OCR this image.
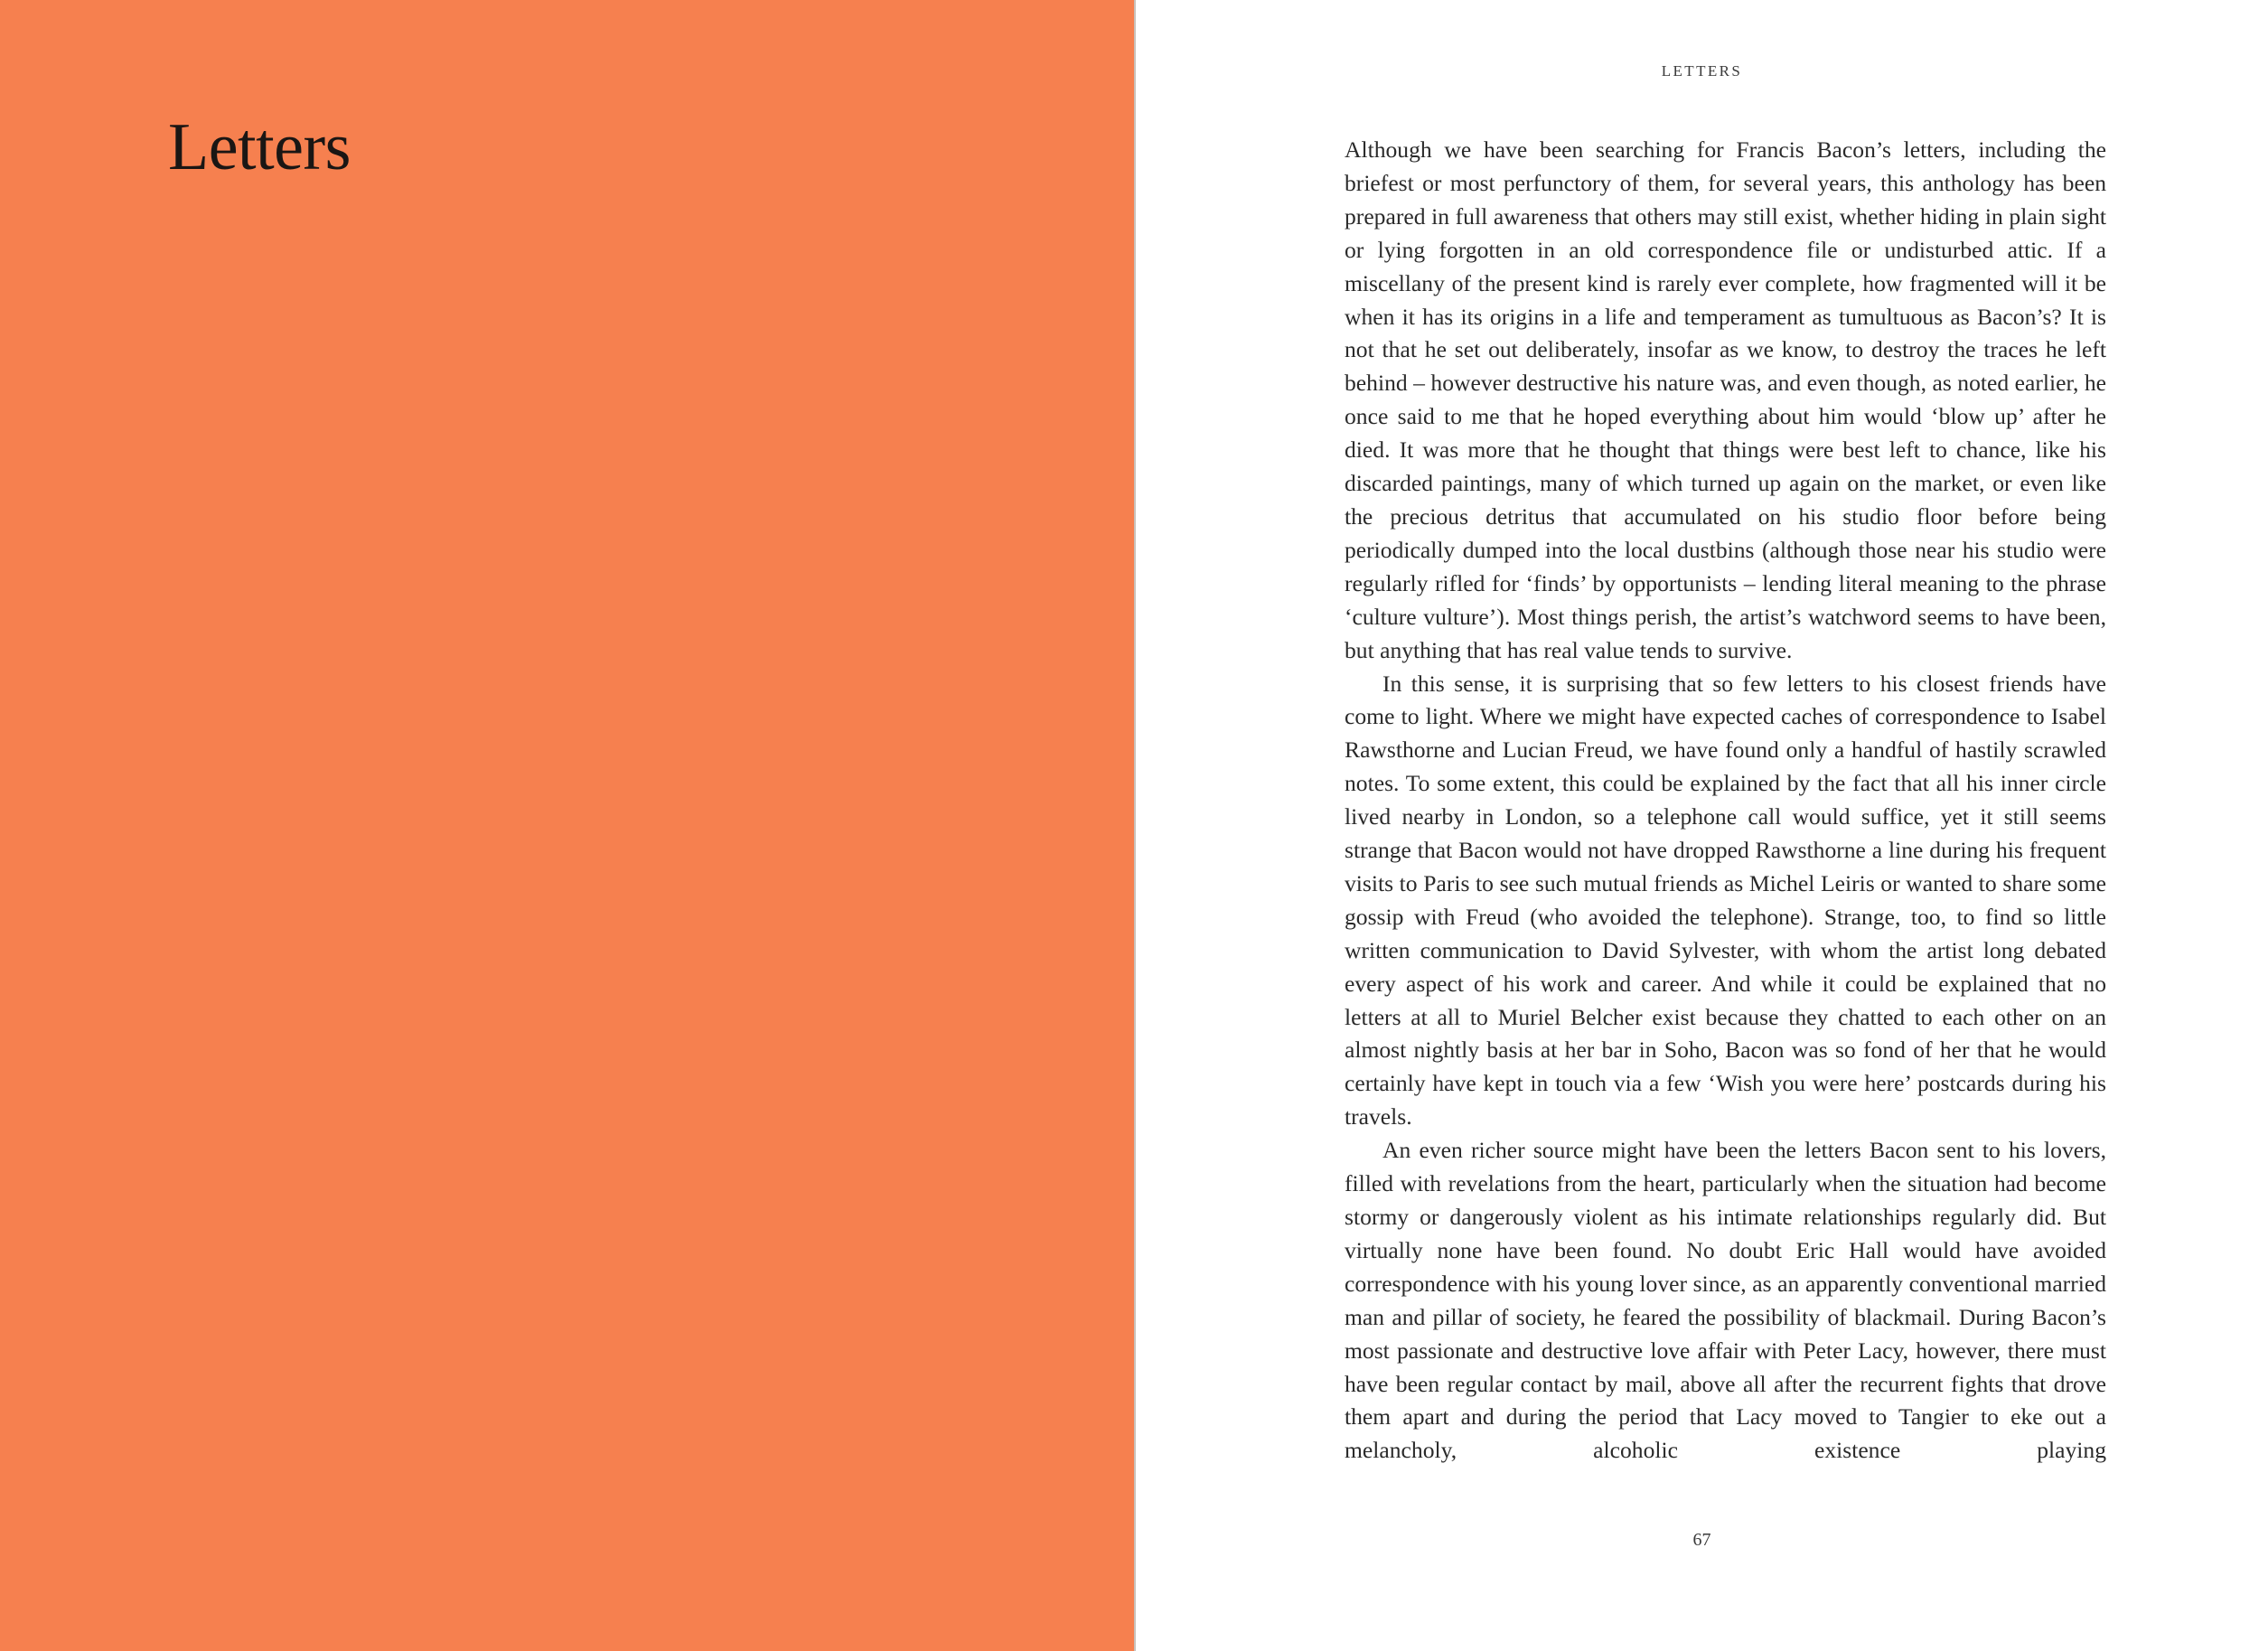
Letters
LETTERS

Although we have been searching for Francis Bacon’s letters, including the briefest or most perfunctory of them, for several years, this anthology has been prepared in full awareness that others may still exist, whether hiding in plain sight or lying forgotten in an old correspondence file or undisturbed attic. If a miscellany of the present kind is rarely ever complete, how fragmented will it be when it has its origins in a life and temperament as tumultuous as Bacon’s? It is not that he set out deliberately, insofar as we know, to destroy the traces he left behind – however destructive his nature was, and even though, as noted earlier, he once said to me that he hoped everything about him would ‘blow up’ after he died. It was more that he thought that things were best left to chance, like his discarded paintings, many of which turned up again on the market, or even like the precious detritus that accumulated on his studio floor before being periodically dumped into the local dustbins (although those near his studio were regularly rifled for ‘finds’ by opportunists – lending literal meaning to the phrase ‘culture vulture’). Most things perish, the artist’s watchword seems to have been, but anything that has real value tends to survive.

In this sense, it is surprising that so few letters to his closest friends have come to light. Where we might have expected caches of correspondence to Isabel Rawsthorne and Lucian Freud, we have found only a handful of hastily scrawled notes. To some extent, this could be explained by the fact that all his inner circle lived nearby in London, so a telephone call would suffice, yet it still seems strange that Bacon would not have dropped Rawsthorne a line during his frequent visits to Paris to see such mutual friends as Michel Leiris or wanted to share some gossip with Freud (who avoided the telephone). Strange, too, to find so little written communication to David Sylvester, with whom the artist long debated every aspect of his work and career. And while it could be explained that no letters at all to Muriel Belcher exist because they chatted to each other on an almost nightly basis at her bar in Soho, Bacon was so fond of her that he would certainly have kept in touch via a few ‘Wish you were here’ postcards during his travels.

An even richer source might have been the letters Bacon sent to his lovers, filled with revelations from the heart, particularly when the situation had become stormy or dangerously violent as his intimate relationships regularly did. But virtually none have been found. No doubt Eric Hall would have avoided correspondence with his young lover since, as an apparently conventional married man and pillar of society, he feared the possibility of blackmail. During Bacon’s most passionate and destructive love affair with Peter Lacy, however, there must have been regular contact by mail, above all after the recurrent fights that drove them apart and during the period that Lacy moved to Tangier to eke out a melancholy, alcoholic existence playing

67
